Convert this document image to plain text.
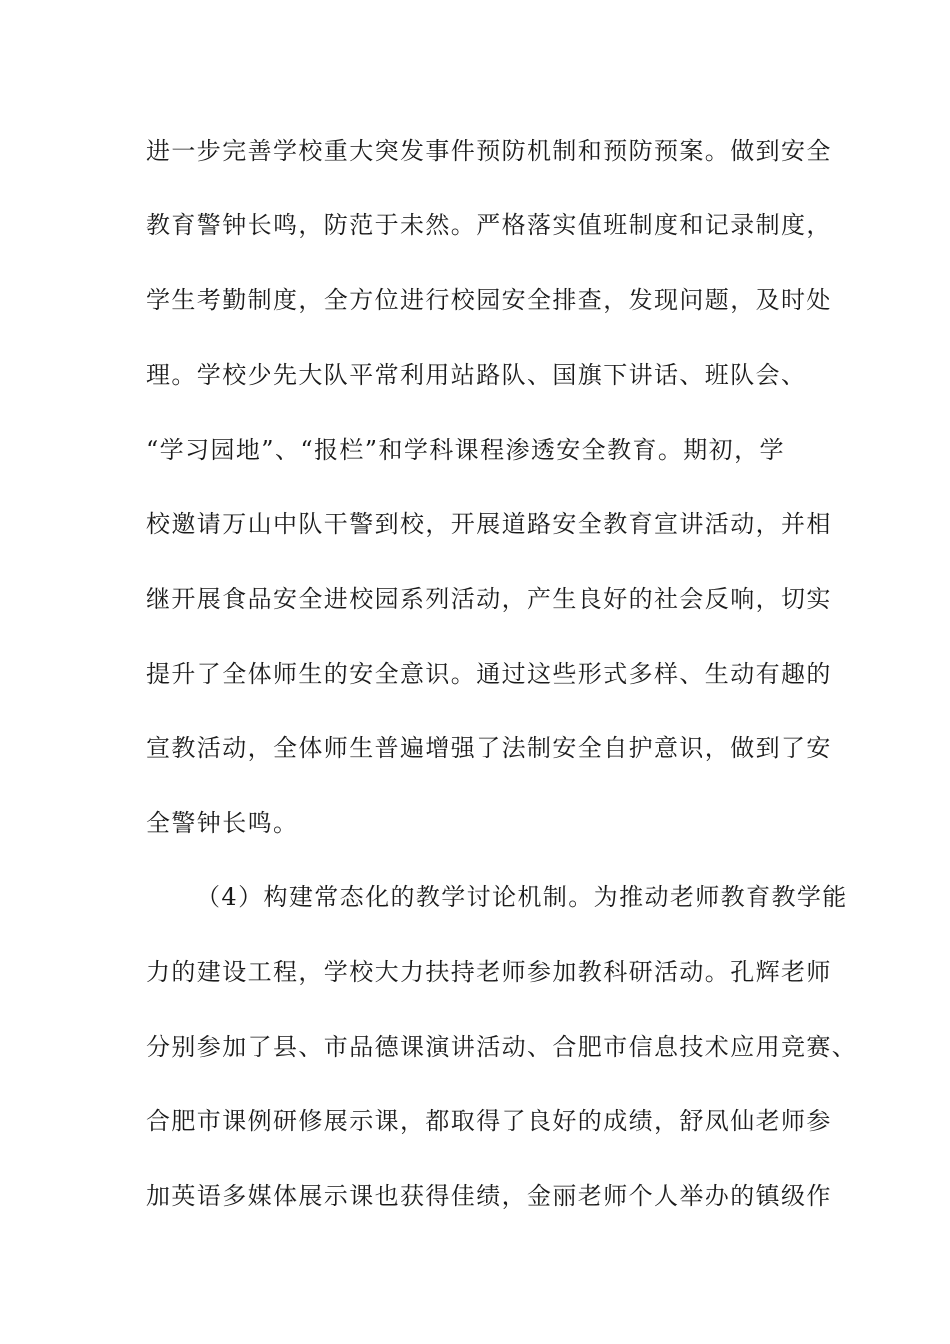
进一步完善学校重大突发事件预防机制和预防预案。做到安全
教育警钟长鸣，防范于未然。严格落实值班制度和记录制度，
学生考勤制度，全方位进行校园安全排查，发现问题，及时处
理。学校少先大队平常利用站路队、国旗下讲话、班队会、
“学习园地”、“报栏”和学科课程渗透安全教育。期初，学
校邀请万山中队干警到校，开展道路安全教育宣讲活动，并相
继开展食品安全进校园系列活动，产生良好的社会反响，切实
提升了全体师生的安全意识。通过这些形式多样、生动有趣的
宣教活动，全体师生普遍增强了法制安全自护意识，做到了安
全警钟长鸣。
（4）构建常态化的教学讨论机制。为推动老师教育教学能
力的建设工程，学校大力扶持老师参加教科研活动。孔辉老师
分别参加了县、市品德课演讲活动、合肥市信息技术应用竞赛、
合肥市课例研修展示课，都取得了良好的成绩，舒凤仙老师参
加英语多媒体展示课也获得佳绩，金丽老师个人举办的镇级作
